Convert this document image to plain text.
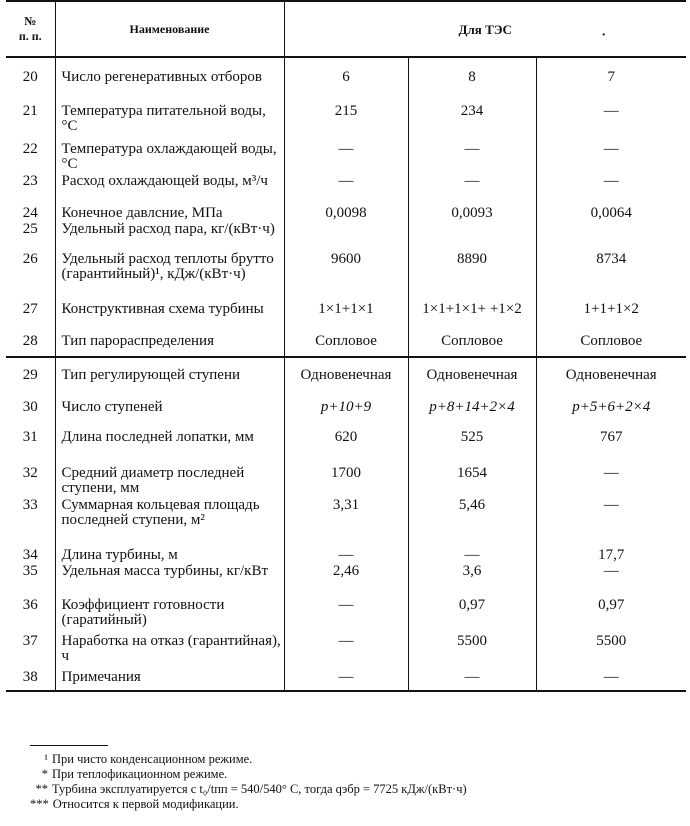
№
п. п.	Наименование	Для ТЭС ·		

20	Число регенеративных отборов	6	8	7
21	Температура питательной воды, °С	215	234	—
22	Температура охлаждающей воды, °С	—	—	—
23	Расход охлаждающей воды, м³/ч	—	—	—
24	Конечное давлсние, МПа	0,0098	0,0093	0,0064
25	Удельный расход пара, кг/(кВт·ч)			
26	Удельный расход теплоты брутто (гарантийный)¹, кДж/(кВт·ч)	9600	8890	8734
27	Конструктивная схема турбины	1×1+1×1	1×1+1×1+ +1×2	1+1+1×2
28	Тип парораспределения	Сопловое	Сопловое	Сопловое
29	Тип регулирующей ступени	Одновенечная	Одновенечная	Одновенечная
30	Число ступеней	p+10+9	p+8+14+2×4	p+5+6+2×4
31	Длина последней лопатки, мм	620	525	767
32	Средний диаметр последней ступени, мм	1700	1654	—
33	Суммарная кольцевая площадь последней ступени, м²	3,31	5,46	—
34	Длина турбины, м	—	—	17,7
35	Удельная масса турбины, кг/кВт	2,46	3,6	—
36	Коэффициент готовности (гаратийный)	—	0,97	0,97
37	Наработка на отказ (гарантийная), ч	—	5500	5500
38	Примечания	—	—	—
¹ При чисто конденсационном режиме.
* При теплофикационном режиме.
** Турбина эксплуатируется с t₀/tпп = 540/540° С, тогда qэбр = 7725 кДж/(кВт·ч)
*** Относится к первой модификации.
